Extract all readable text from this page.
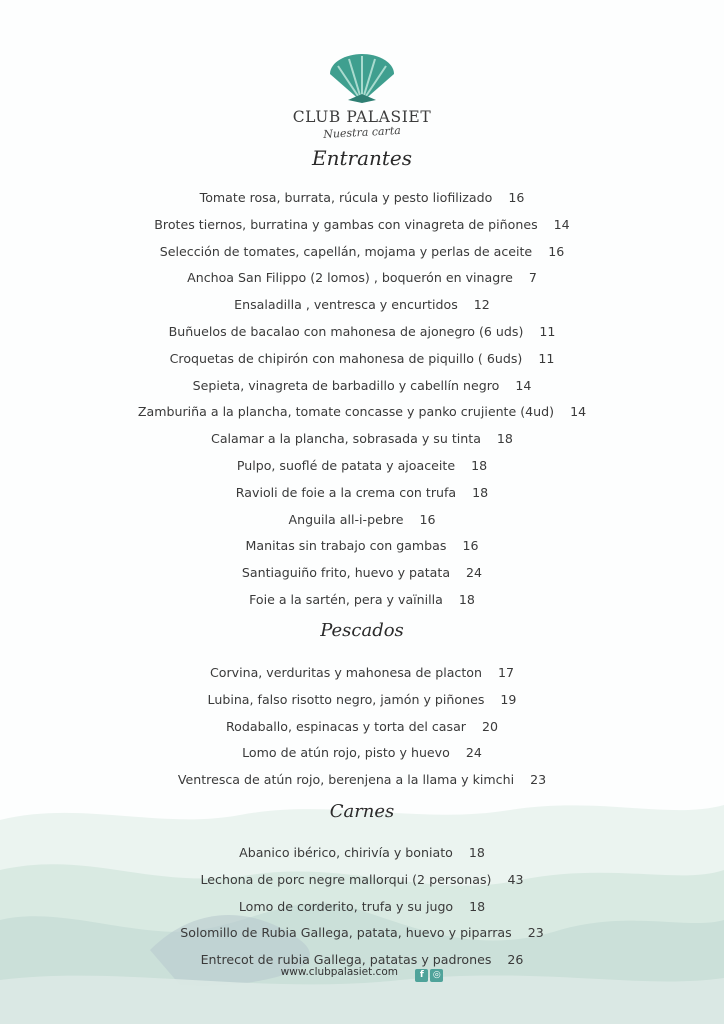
CLUB PALASIET
Nuestra carta
Entrantes
Tomate rosa, burrata, rúcula y pesto liofilizado 16
Brotes tiernos, burratina y gambas con vinagreta de piñones 14
Selección de tomates, capellán, mojama y perlas de aceite 16
Anchoa San Filippo (2 lomos) , boquerón en vinagre 7
Ensaladilla , ventresca y encurtidos 12
Buñuelos de bacalao con mahonesa de ajonegro (6 uds) 11
Croquetas de chipirón con mahonesa de piquillo ( 6uds) 11
Sepieta, vinagreta de barbadillo y cabellín negro 14
Zamburiña a la plancha, tomate concasse y panko crujiente (4ud) 14
Calamar a la plancha, sobrasada y su tinta 18
Pulpo, suoflé de patata y ajoaceite 18
Ravioli de foie a la crema con trufa 18
Anguila all-i-pebre 16
Manitas sin trabajo con gambas 16
Santiaguiño frito, huevo y patata 24
Foie a la sartén, pera y vaïnilla 18
Pescados
Corvina, verduritas y mahonesa de placton 17
Lubina, falso risotto negro, jamón y piñones 19
Rodaballo, espinacas y torta del casar 20
Lomo de atún rojo, pisto y huevo 24
Ventresca de atún rojo, berenjena a la llama y kimchi 23
Carnes
Abanico ibérico, chirivía y boniato 18
Lechona de porc negre mallorqui (2 personas) 43
Lomo de corderito, trufa y su jugo 18
Solomillo de Rubia Gallega, patata, huevo y piparras 23
Entrecot de rubia Gallega, patatas y padrones 26
www.clubpalasiet.com f ◎
